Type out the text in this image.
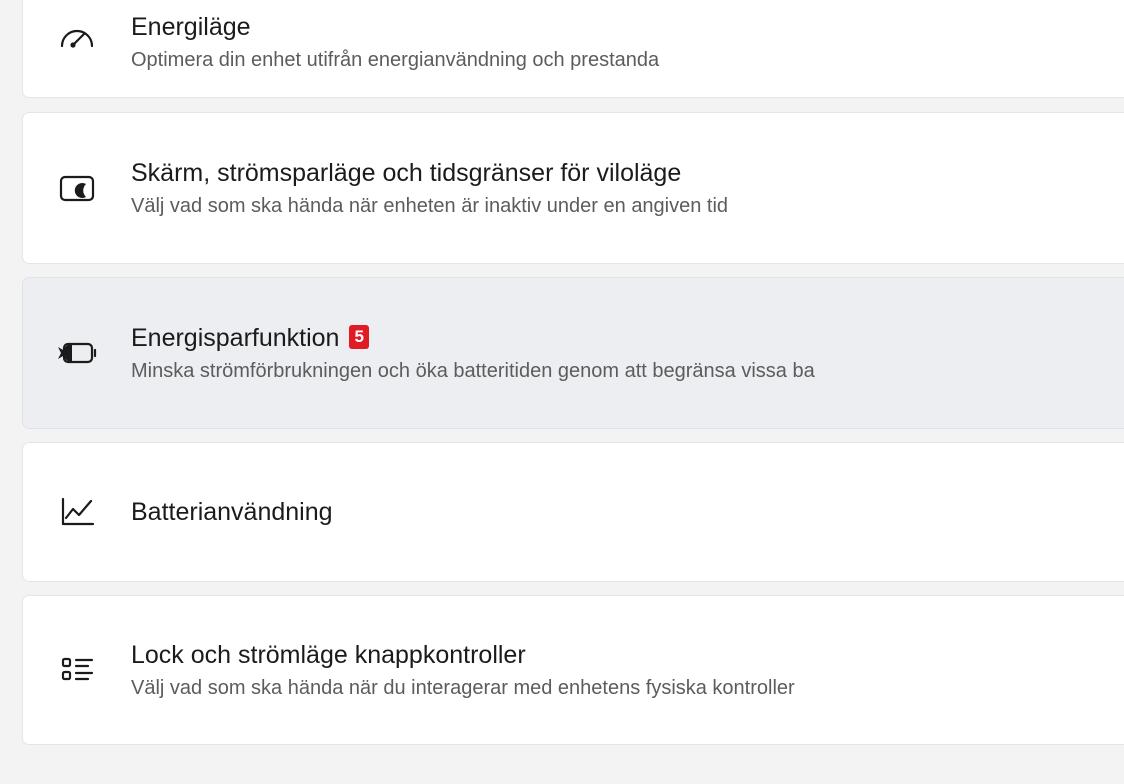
Energiläge
Optimera din enhet utifrån energianvändning och prestanda
Skärm, strömsparläge och tidsgränser för viloläge
Välj vad som ska hända när enheten är inaktiv under en angiven tid
Energisparfunktion 5
Minska strömförbrukningen och öka batteritiden genom att begränsa vissa ba
Batterianvändning
Lock och strömläge knappkontroller
Välj vad som ska hända när du interagerar med enhetens fysiska kontroller
